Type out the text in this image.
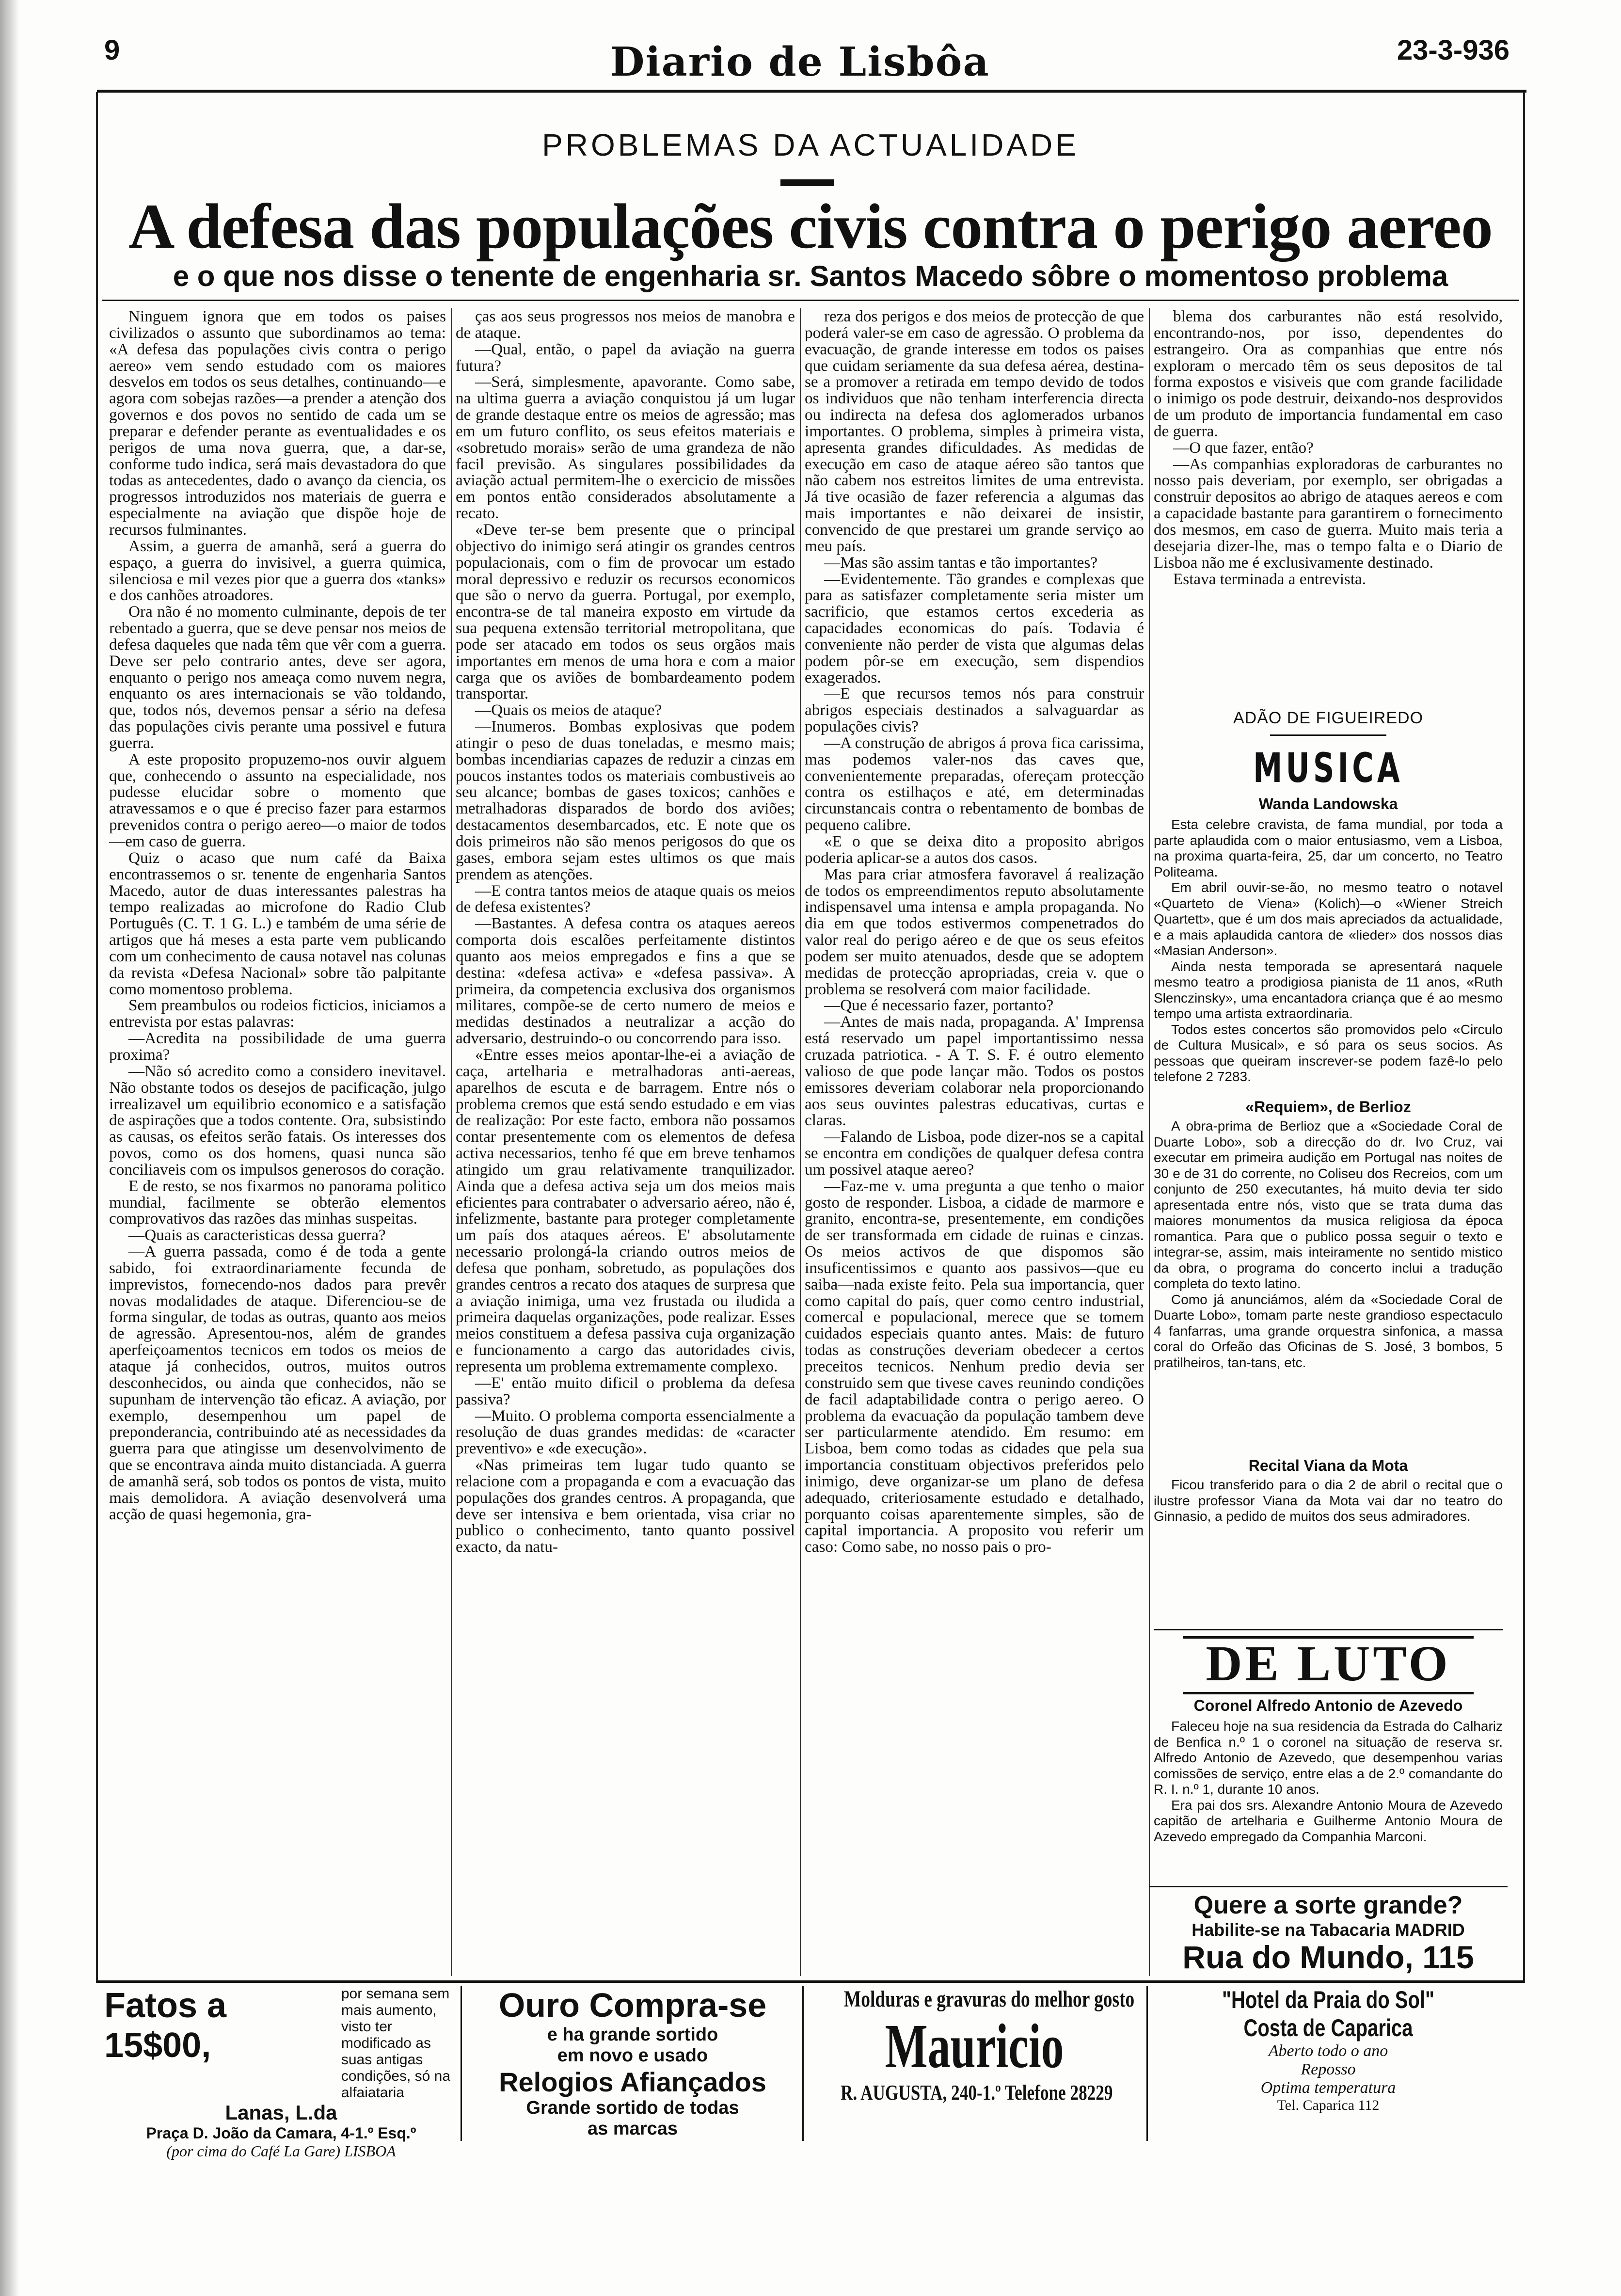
9	Diario de Lisbôa	23-3-936
PROBLEMAS DA ACTUALIDADE
A defesa das populações civis contra o perigo aereo
e o que nos disse o tenente de engenharia sr. Santos Macedo sôbre o momentoso problema

Ninguem ignora que em todos os paises civilizados o assunto que subordinamos ao tema: «A defesa das populações civis contra o perigo aereo» vem sendo estudado com os maiores desvelos em todos os seus detalhes, continuando—e agora com sobejas razões—a prender a atenção dos governos e dos povos no sentido de cada um se preparar e defender perante as eventualidades e os perigos de uma nova guerra, que, a dar-se, conforme tudo indica, será mais devastadora do que todas as antecedentes, dado o avanço da ciencia, os progressos introduzidos nos materiais de guerra e especialmente na aviação que dispõe hoje de recursos fulminantes.

Assim, a guerra de amanhã, será a guerra do espaço, a guerra do invisivel, a guerra quimica, silenciosa e mil vezes pior que a guerra dos «tanks» e dos canhões atroadores.

Ora não é no momento culminante, depois de ter rebentado a guerra, que se deve pensar nos meios de defesa daqueles que nada têm que vêr com a guerra. Deve ser pelo contrario antes, deve ser agora, enquanto o perigo nos ameaça como nuvem negra, enquanto os ares internacionais se vão toldando, que, todos nós, devemos pensar a sério na defesa das populações civis perante uma possivel e futura guerra.

A este proposito propuzemo-nos ouvir alguem que, conhecendo o assunto na especialidade, nos pudesse elucidar sobre o momento que atravessamos e o que é preciso fazer para estarmos prevenidos contra o perigo aereo—o maior de todos—em caso de guerra.

Quiz o acaso que num café da Baixa encontrassemos o sr. tenente de engenharia Santos Macedo, autor de duas interessantes palestras ha tempo realizadas ao microfone do Radio Club Português (C. T. 1 G. L.) e também de uma série de artigos que há meses a esta parte vem publicando com um conhecimento de causa notavel nas colunas da revista «Defesa Nacional» sobre tão palpitante como momentoso problema.

Sem preambulos ou rodeios ficticios, iniciamos a entrevista por estas palavras:

—Acredita na possibilidade de uma guerra proxima?

—Não só acredito como a considero inevitavel. Não obstante todos os desejos de pacificação, julgo irrealizavel um equilibrio economico e a satisfação de aspirações que a todos contente. Ora, subsistindo as causas, os efeitos serão fatais. Os interesses dos povos, como os dos homens, quasi nunca são conciliaveis com os impulsos generosos do coração.

E de resto, se nos fixarmos no panorama politico mundial, facilmente se obterão elementos comprovativos das razões das minhas suspeitas.

—Quais as caracteristicas dessa guerra?

—A guerra passada, como é de toda a gente sabido, foi extraordinariamente fecunda de imprevistos, fornecendo-nos dados para prevêr novas modalidades de ataque. Diferenciou-se de forma singular, de todas as outras, quanto aos meios de agressão. Apresentou-nos, além de grandes aperfeiçoamentos tecnicos em todos os meios de ataque já conhecidos, outros, muitos outros desconhecidos, ou ainda que conhecidos, não se supunham de intervenção tão eficaz. A aviação, por exemplo, desempenhou um papel de preponderancia, contribuindo até as necessidades da guerra para que atingisse um desenvolvimento de que se encontrava ainda muito distanciada. A guerra de amanhã será, sob todos os pontos de vista, muito mais demolidora. A aviação desenvolverá uma acção de quasi hegemonia, gra-

ças aos seus progressos nos meios de manobra e de ataque.

—Qual, então, o papel da aviação na guerra futura?

—Será, simplesmente, apavorante. Como sabe, na ultima guerra a aviação conquistou já um lugar de grande destaque entre os meios de agressão; mas em um futuro conflito, os seus efeitos materiais e «sobretudo morais» serão de uma grandeza de não facil previsão. As singulares possibilidades da aviação actual permitem-lhe o exercicio de missões em pontos então considerados absolutamente a recato.

«Deve ter-se bem presente que o principal objectivo do inimigo será atingir os grandes centros populacionais, com o fim de provocar um estado moral depressivo e reduzir os recursos economicos que são o nervo da guerra. Portugal, por exemplo, encontra-se de tal maneira exposto em virtude da sua pequena extensão territorial metropolitana, que pode ser atacado em todos os seus orgãos mais importantes em menos de uma hora e com a maior carga que os aviões de bombardeamento podem transportar.

—Quais os meios de ataque?

—Inumeros. Bombas explosivas que podem atingir o peso de duas toneladas, e mesmo mais; bombas incendiarias capazes de reduzir a cinzas em poucos instantes todos os materiais combustiveis ao seu alcance; bombas de gases toxicos; canhões e metralhadoras disparados de bordo dos aviões; destacamentos desembarcados, etc. E note que os dois primeiros não são menos perigosos do que os gases, embora sejam estes ultimos os que mais prendem as atenções.

—E contra tantos meios de ataque quais os meios de defesa existentes?

—Bastantes. A defesa contra os ataques aereos comporta dois escalões perfeitamente distintos quanto aos meios empregados e fins a que se destina: «defesa activa» e «defesa passiva». A primeira, da competencia exclusiva dos organismos militares, compõe-se de certo numero de meios e medidas destinados a neutralizar a acção do adversario, destruindo-o ou concorrendo para isso.

«Entre esses meios apontar-lhe-ei a aviação de caça, artelharia e metralhadoras anti-aereas, aparelhos de escuta e de barragem. Entre nós o problema cremos que está sendo estudado e em vias de realização: Por este facto, embora não possamos contar presentemente com os elementos de defesa activa necessarios, tenho fé que em breve tenhamos atingido um grau relativamente tranquilizador. Ainda que a defesa activa seja um dos meios mais eficientes para contrabater o adversario aéreo, não é, infelizmente, bastante para proteger completamente um país dos ataques aéreos. E' absolutamente necessario prolongá-la criando outros meios de defesa que ponham, sobretudo, as populações dos grandes centros a recato dos ataques de surpresa que a aviação inimiga, uma vez frustada ou iludida a primeira daquelas organizações, pode realizar. Esses meios constituem a defesa passiva cuja organização e funcionamento a cargo das autoridades civis, representa um problema extremamente complexo.

—E' então muito dificil o problema da defesa passiva?

—Muito. O problema comporta essencialmente a resolução de duas grandes medidas: de «caracter preventivo» e «de execução».

«Nas primeiras tem lugar tudo quanto se relacione com a propaganda e com a evacuação das populações dos grandes centros. A propaganda, que deve ser intensiva e bem orientada, visa criar no publico o conhecimento, tanto quanto possivel exacto, da natu-

reza dos perigos e dos meios de protecção de que poderá valer-se em caso de agressão. O problema da evacuação, de grande interesse em todos os paises que cuidam seriamente da sua defesa aérea, destina-se a promover a retirada em tempo devido de todos os individuos que não tenham interferencia directa ou indirecta na defesa dos aglomerados urbanos importantes. O problema, simples à primeira vista, apresenta grandes dificuldades. As medidas de execução em caso de ataque aéreo são tantos que não cabem nos estreitos limites de uma entrevista. Já tive ocasião de fazer referencia a algumas das mais importantes e não deixarei de insistir, convencido de que prestarei um grande serviço ao meu país.

—Mas são assim tantas e tão importantes?

—Evidentemente. Tão grandes e complexas que para as satisfazer completamente seria mister um sacrificio, que estamos certos excederia as capacidades economicas do país. Todavia é conveniente não perder de vista que algumas delas podem pôr-se em execução, sem dispendios exagerados.

—E que recursos temos nós para construir abrigos especiais destinados a salvaguardar as populações civis?

—A construção de abrigos á prova fica carissima, mas podemos valer-nos das caves que, convenientemente preparadas, ofereçam protecção contra os estilhaços e até, em determinadas circunstancais contra o rebentamento de bombas de pequeno calibre.

«E o que se deixa dito a proposito abrigos poderia aplicar-se a autos dos casos.

Mas para criar atmosfera favoravel á realização de todos os empreendimentos reputo absolutamente indispensavel uma intensa e ampla propaganda. No dia em que todos estivermos compenetrados do valor real do perigo aéreo e de que os seus efeitos podem ser muito atenuados, desde que se adoptem medidas de protecção apropriadas, creia v. que o problema se resolverá com maior facilidade.

—Que é necessario fazer, portanto?

—Antes de mais nada, propaganda. A' Imprensa está reservado um papel importantissimo nessa cruzada patriotica. - A T. S. F. é outro elemento valioso de que pode lançar mão. Todos os postos emissores deveriam colaborar nela proporcionando aos seus ouvintes palestras educativas, curtas e claras.

—Falando de Lisboa, pode dizer-nos se a capital se encontra em condições de qualquer defesa contra um possivel ataque aereo?

—Faz-me v. uma pregunta a que tenho o maior gosto de responder. Lisboa, a cidade de marmore e granito, encontra-se, presentemente, em condições de ser transformada em cidade de ruinas e cinzas. Os meios activos de que dispomos são insuficentissimos e quanto aos passivos—que eu saiba—nada existe feito. Pela sua importancia, quer como capital do país, quer como centro industrial, comercal e populacional, merece que se tomem cuidados especiais quanto antes. Mais: de futuro todas as construções deveriam obedecer a certos preceitos tecnicos. Nenhum predio devia ser construido sem que tivese caves reunindo condições de facil adaptabilidade contra o perigo aereo. O problema da evacuação da população tambem deve ser particularmente atendido. Em resumo: em Lisboa, bem como todas as cidades que pela sua importancia constituam objectivos preferidos pelo inimigo, deve organizar-se um plano de defesa adequado, criteriosamente estudado e detalhado, porquanto coisas aparentemente simples, são de capital importancia. A proposito vou referir um caso: Como sabe, no nosso pais o pro-

blema dos carburantes não está resolvido, encontrando-nos, por isso, dependentes do estrangeiro. Ora as companhias que entre nós exploram o mercado têm os seus depositos de tal forma expostos e visiveis que com grande facilidade o inimigo os pode destruir, deixando-nos desprovidos de um produto de importancia fundamental em caso de guerra.

—O que fazer, então?

—As companhias exploradoras de carburantes no nosso pais deveriam, por exemplo, ser obrigadas a construir depositos ao abrigo de ataques aereos e com a capacidade bastante para garantirem o fornecimento dos mesmos, em caso de guerra. Muito mais teria a desejaria dizer-lhe, mas o tempo falta e o Diario de Lisboa não me é exclusivamente destinado.

Estava terminada a entrevista.

ADÃO DE FIGUEIREDO
MUSICA
Wanda Landowska

Esta celebre cravista, de fama mundial, por toda a parte aplaudida com o maior entusiasmo, vem a Lisboa, na proxima quarta-feira, 25, dar um concerto, no Teatro Politeama.

Em abril ouvir-se-ão, no mesmo teatro o notavel «Quarteto de Viena» (Kolich)—o «Wiener Streich Quartett», que é um dos mais apreciados da actualidade, e a mais aplaudida cantora de «lieder» dos nossos dias «Masian Anderson».

Ainda nesta temporada se apresentará naquele mesmo teatro a prodigiosa pianista de 11 anos, «Ruth Slenczinsky», uma encantadora criança que é ao mesmo tempo uma artista extraordinaria.

Todos estes concertos são promovidos pelo «Circulo de Cultura Musical», e só para os seus socios. As pessoas que queiram inscrever-se podem fazê-lo pelo telefone 2 7283.

«Requiem», de Berlioz

A obra-prima de Berlioz que a «Sociedade Coral de Duarte Lobo», sob a direcção do dr. Ivo Cruz, vai executar em primeira audição em Portugal nas noites de 30 e de 31 do corrente, no Coliseu dos Recreios, com um conjunto de 250 executantes, há muito devia ter sido apresentada entre nós, visto que se trata duma das maiores monumentos da musica religiosa da época romantica. Para que o publico possa seguir o texto e integrar-se, assim, mais inteiramente no sentido mistico da obra, o programa do concerto inclui a tradução completa do texto latino.

Como já anunciámos, além da «Sociedade Coral de Duarte Lobo», tomam parte neste grandioso espectaculo 4 fanfarras, uma grande orquestra sinfonica, a massa coral do Orfeão das Oficinas de S. José, 3 bombos, 5 pratilheiros, tan-tans, etc.

Recital Viana da Mota

Ficou transferido para o dia 2 de abril o recital que o ilustre professor Viana da Mota vai dar no teatro do Ginnasio, a pedido de muitos dos seus admiradores.

DE LUTO
Coronel Alfredo Antonio de Azevedo

Faleceu hoje na sua residencia da Estrada do Calhariz de Benfica n.º 1 o coronel na situação de reserva sr. Alfredo Antonio de Azevedo, que desempenhou varias comissões de serviço, entre elas a de 2.º comandante do R. I. n.º 1, durante 10 anos.

Era pai dos srs. Alexandre Antonio Moura de Azevedo capitão de artelharia e Guilherme Antonio Moura de Azevedo empregado da Companhia Marconi.

Quere a sorte grande?
Habilite-se na Tabacaria MADRID
Rua do Mundo, 115
Fatos a 15$00,
por semana sem mais aumento, visto ter modificado as suas antigas condições, só na alfaiataria
Lanas, L.da
Praça D. João da Camara, 4-1.º Esq.º
(por cima do Café La Gare) LISBOA
Ouro Compra-se
e ha grande sortido
em novo e usado
Relogios Afiançados
Grande sortido de todas
as marcas
Molduras e gravuras do melhor gosto
Mauricio
R. AUGUSTA, 240-1.º Telefone 28229
"Hotel da Praia do Sol"
Costa de Caparica
Aberto todo o ano
Reposso
Optima temperatura
Tel. Caparica 112
